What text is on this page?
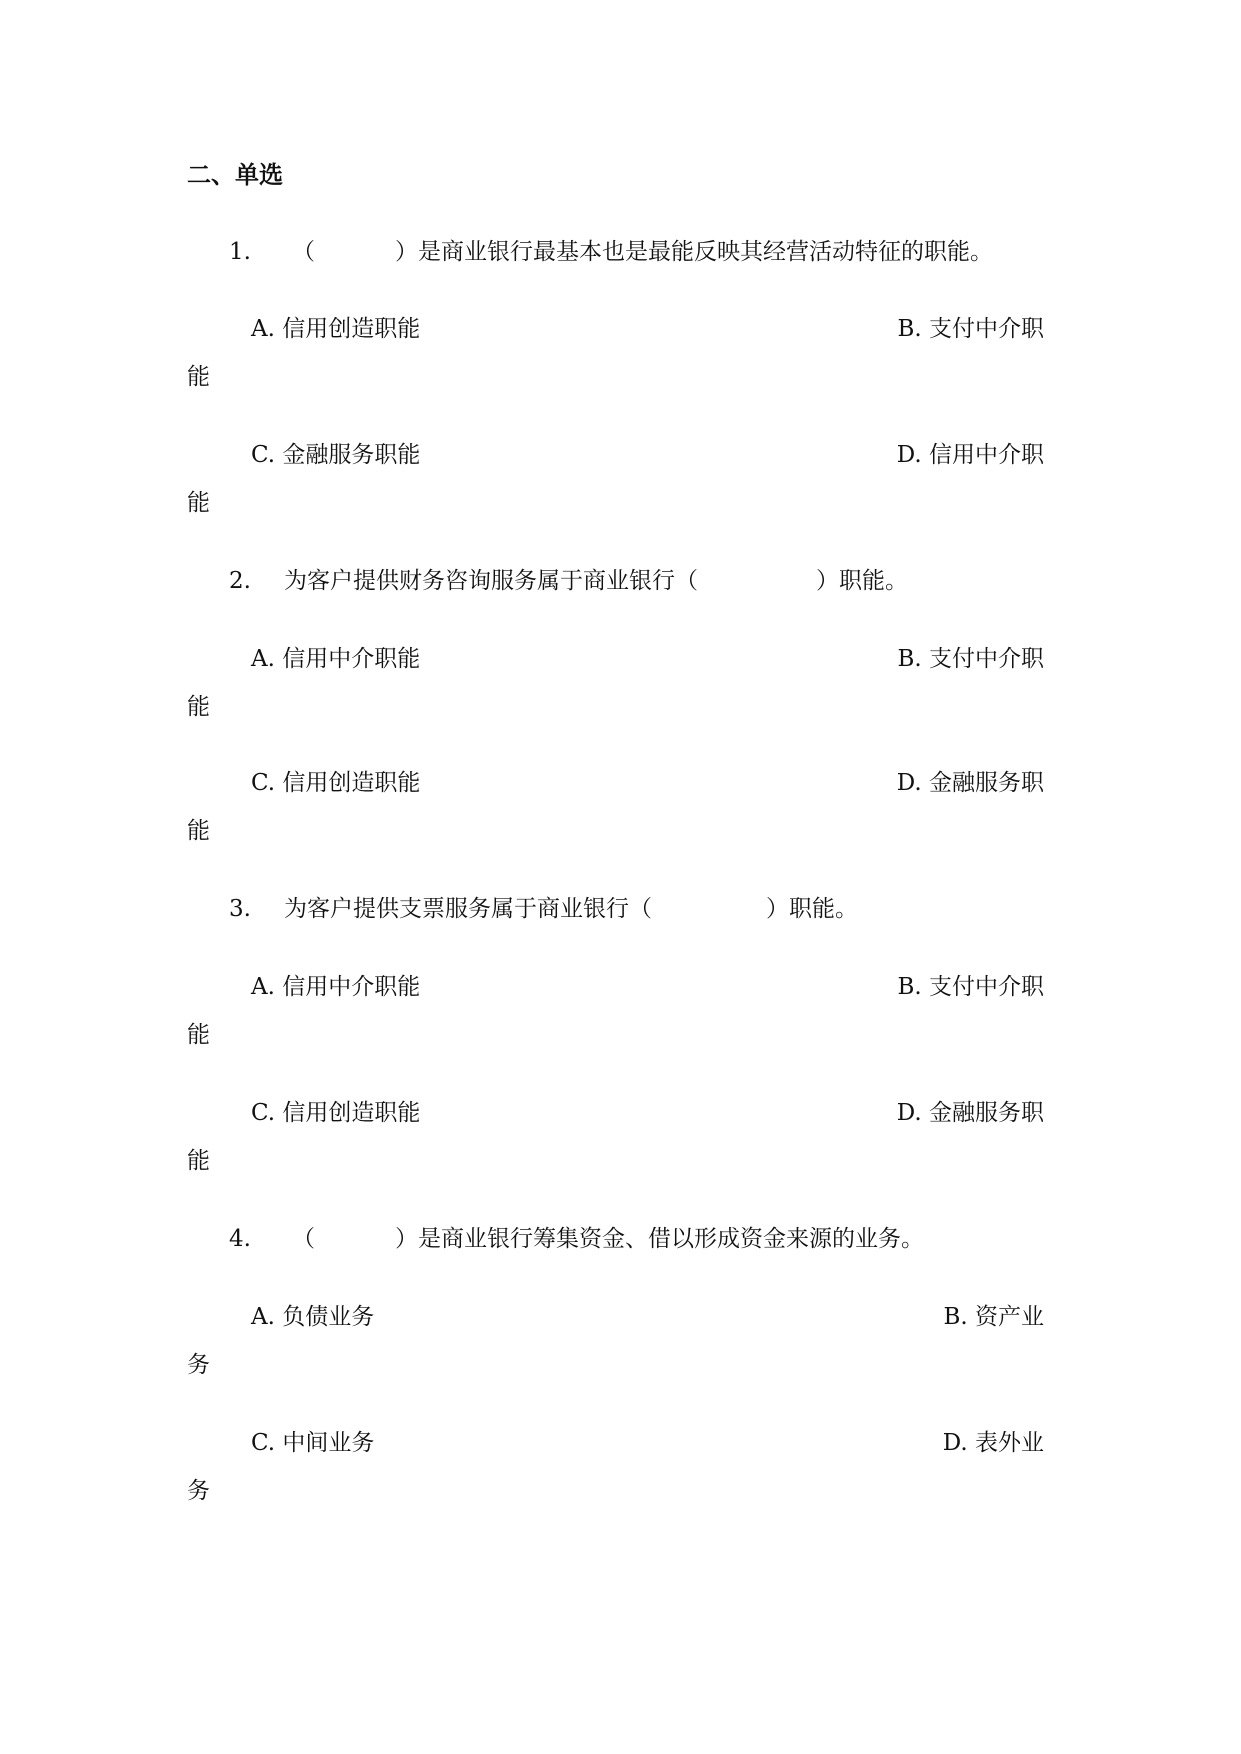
二、单选
1. （	）是商业银行最基本也是最能反映其经营活动特征的职能。
A. 信用创造职能	B. 支付中介职
能
C. 金融服务职能	D. 信用中介职
能
2. 为客户提供财务咨询服务属于商业银行（	）职能。
A. 信用中介职能	B. 支付中介职
能
C. 信用创造职能	D. 金融服务职
能
3. 为客户提供支票服务属于商业银行（	）职能。
A. 信用中介职能	B. 支付中介职
能
C. 信用创造职能	D. 金融服务职
能
4. （	）是商业银行筹集资金、借以形成资金来源的业务。
A. 负债业务	B. 资产业
务
C. 中间业务	D. 表外业
务
